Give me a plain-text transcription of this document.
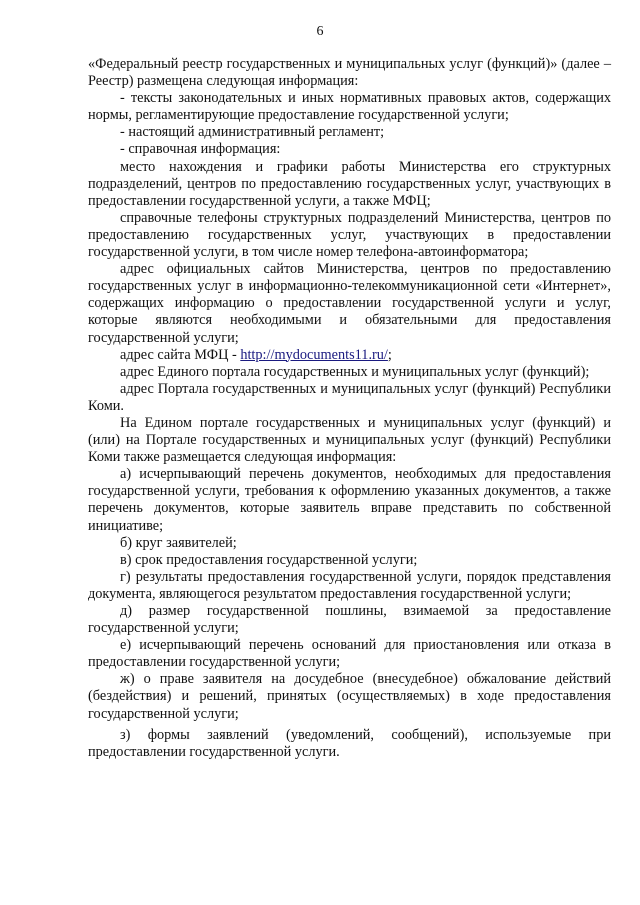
6

«Федеральный реестр государственных и муниципальных услуг (функций)» (далее – Реестр) размещена следующая информация:

- тексты законодательных и иных нормативных правовых актов, содержащих нормы, регламентирующие предоставление государственной услуги;

- настоящий административный регламент;

- справочная информация:

место нахождения и графики работы Министерства его структурных подразделений, центров по предоставлению государственных услуг, участвующих в предоставлении государственной услуги, а также МФЦ;

справочные телефоны структурных подразделений Министерства, центров по предоставлению государственных услуг, участвующих в предоставлении государственной услуги, в том числе номер телефона-автоинформатора;

адрес официальных сайтов Министерства, центров по предоставлению государственных услуг в информационно-телекоммуникационной сети «Интернет», содержащих информацию о предоставлении государственной услуги и услуг, которые являются необходимыми и обязательными для предоставления государственной услуги;

адрес сайта МФЦ - http://mydocuments11.ru/;

адрес Единого портала государственных и муниципальных услуг (функций);

адрес Портала государственных и муниципальных услуг (функций) Республики Коми.

На Едином портале государственных и муниципальных услуг (функций) и (или) на Портале государственных и муниципальных услуг (функций) Республики Коми также размещается следующая информация:

а) исчерпывающий перечень документов, необходимых для предоставления государственной услуги, требования к оформлению указанных документов, а также перечень документов, которые заявитель вправе представить по собственной инициативе;

б) круг заявителей;

в) срок предоставления государственной услуги;

г) результаты предоставления государственной услуги, порядок представления документа, являющегося результатом предоставления государственной услуги;

д) размер государственной пошлины, взимаемой за предоставление государственной услуги;

е) исчерпывающий перечень оснований для приостановления или отказа в предоставлении государственной услуги;

ж) о праве заявителя на досудебное (внесудебное) обжалование действий (бездействия) и решений, принятых (осуществляемых) в ходе предоставления государственной услуги;

з) формы заявлений (уведомлений, сообщений), используемые при предоставлении государственной услуги.
